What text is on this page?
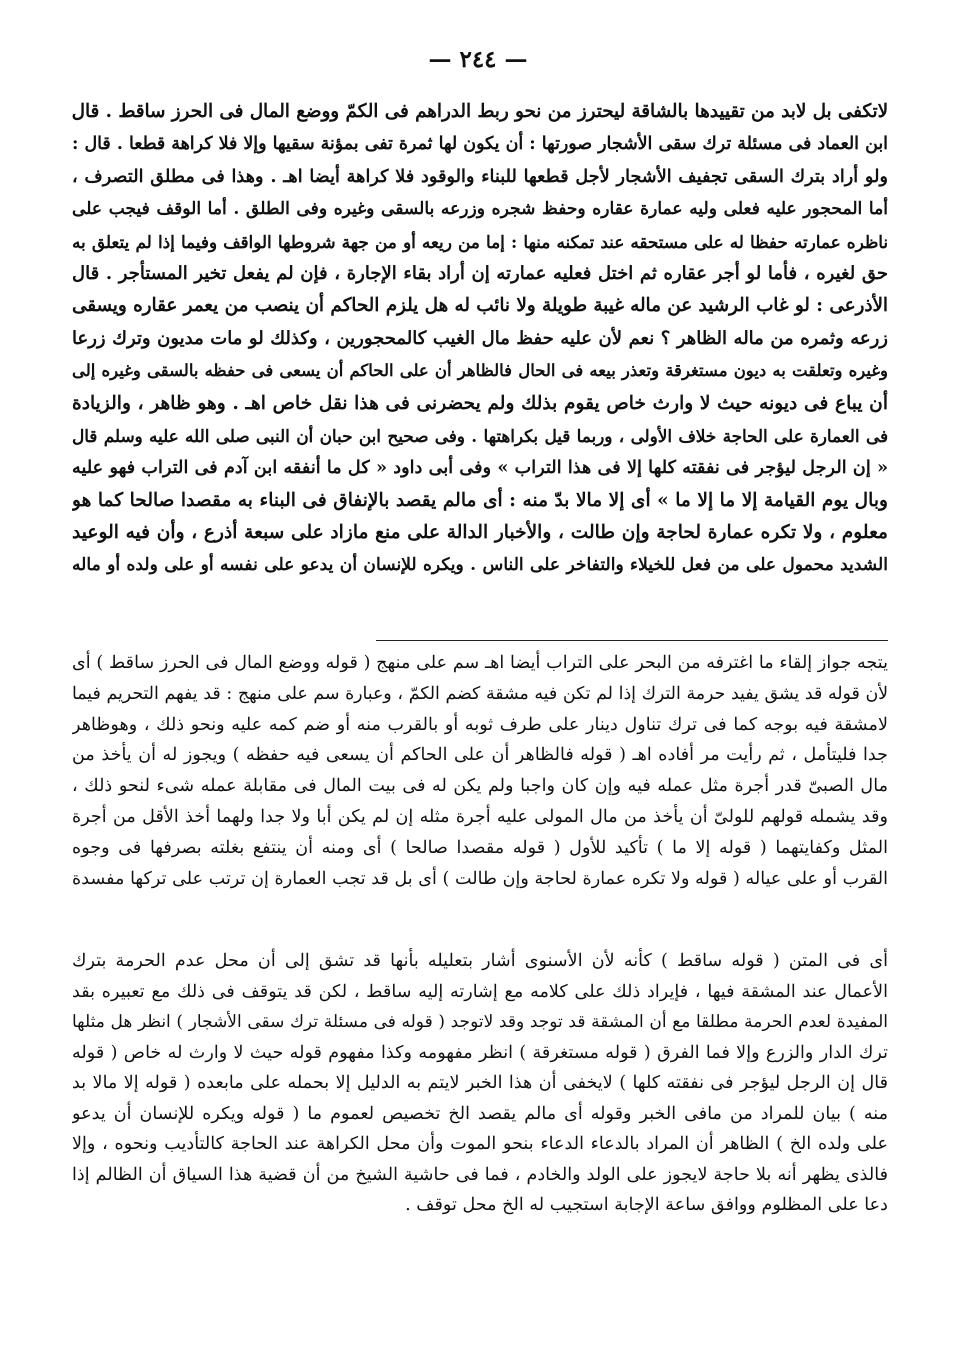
— ٢٤٤ —
لاتكفى بل لابد من تقييدها بالشاقة ليحترز من نحو ربط الدراهم فى الكمّ ووضع المال فى الحرز ساقط . قال
ابن العماد فى مسئلة ترك سقى الأشجار صورتها : أن يكون لها ثمرة تفى بمؤنة سقيها وإلا فلا كراهة قطعا . قال :
ولو أراد بترك السقى تجفيف الأشجار لأجل قطعها للبناء والوقود فلا كراهة أيضا اهـ . وهذا فى مطلق التصرف ،
أما المحجور عليه فعلى وليه عمارة عقاره وحفظ شجره وزرعه بالسقى وغيره وفى الطلق . أما الوقف فيجب على
ناظره عمارته حفظا له على مستحقه عند تمكنه منها : إما من ريعه أو من جهة شروطها الواقف وفيما إذا لم يتعلق به
حق لغيره ، فأما لو أجر عقاره ثم اختل فعليه عمارته إن أراد بقاء الإجارة ، فإن لم يفعل تخير المستأجر . قال
الأذرعى : لو غاب الرشيد عن ماله غيبة طويلة ولا نائب له هل يلزم الحاكم أن ينصب من يعمر عقاره ويسقى
زرعه وثمره من ماله الظاهر ؟ نعم لأن عليه حفظ مال الغيب كالمحجورين ، وكذلك لو مات مديون وترك زرعا
وغيره وتعلقت به ديون مستغرقة وتعذر بيعه فى الحال فالظاهر أن على الحاكم أن يسعى فى حفظه بالسقى وغيره إلى
أن يباع فى ديونه حيث لا وارث خاص يقوم بذلك ولم يحضرنى فى هذا نقل خاص اهـ . وهو ظاهر ، والزيادة
فى العمارة على الحاجة خلاف الأولى ، وربما قيل بكراهتها . وفى صحيح ابن حبان أن النبى صلى الله عليه وسلم قال
« إن الرجل ليؤجر فى نفقته كلها إلا فى هذا التراب » وفى أبى داود « كل ما أنفقه ابن آدم فى التراب فهو عليه
وبال يوم القيامة إلا ما إلا ما » أى إلا مالا بدّ منه : أى مالم يقصد بالإنفاق فى البناء به مقصدا صالحا كما هو
معلوم ، ولا تكره عمارة لحاجة وإن طالت ، والأخبار الدالة على منع مازاد على سبعة أذرع ، وأن فيه الوعيد
الشديد محمول على من فعل للخيلاء والتفاخر على الناس . ويكره للإنسان أن يدعو على نفسه أو على ولده أو ماله
يتجه جواز إلقاء ما اغترفه من البحر على التراب أيضا اهـ سم على منهج ( قوله ووضع المال فى الحرز ساقط ) أى
لأن قوله قد يشق يفيد حرمة الترك إذا لم تكن فيه مشقة كضم الكمّ ، وعبارة سم على منهج : قد يفهم التحريم فيما
لامشقة فيه بوجه كما فى ترك تناول دينار على طرف ثوبه أو بالقرب منه أو ضم كمه عليه ونحو ذلك ، وهوظاهر
جدا فليتأمل ، ثم رأيت مر أفاده اهـ ( قوله فالظاهر أن على الحاكم أن يسعى فيه حفظه ) ويجوز له أن يأخذ من
مال الصبىّ قدر أجرة مثل عمله فيه وإن كان واجبا ولم يكن له فى بيت المال فى مقابلة عمله شىء لنحو ذلك ،
وقد يشمله قولهم للولىّ أن يأخذ من مال المولى عليه أجرة مثله إن لم يكن أبا ولا جدا ولهما أخذ الأقل من أجرة
المثل وكفايتهما ( قوله إلا ما ) تأكيد للأول ( قوله مقصدا صالحا ) أى ومنه أن ينتفع بغلته بصرفها فى وجوه
القرب أو على عياله ( قوله ولا تكره عمارة لحاجة وإن طالت ) أى بل قد تجب العمارة إن ترتب على تركها مفسدة
أى فى المتن ( قوله ساقط ) كأنه لأن الأسنوى أشار بتعليله بأنها قد تشق إلى أن محل عدم الحرمة بترك
الأعمال عند المشقة فيها ، فإيراد ذلك على كلامه مع إشارته إليه ساقط ، لكن قد يتوقف فى ذلك مع تعبيره بقد
المفيدة لعدم الحرمة مطلقا مع أن المشقة قد توجد وقد لاتوجد ( قوله فى مسئلة ترك سقى الأشجار ) انظر هل مثلها
ترك الدار والزرع وإلا فما الفرق ( قوله مستغرقة ) انظر مفهومه وكذا مفهوم قوله حيث لا وارث له خاص ( قوله
قال إن الرجل ليؤجر فى نفقته كلها ) لايخفى أن هذا الخبر لايتم به الدليل إلا بحمله على مابعده ( قوله إلا مالا بد
منه ) بيان للمراد من مافى الخبر وقوله أى مالم يقصد الخ تخصيص لعموم ما ( قوله ويكره للإنسان أن يدعو
على ولده الخ ) الظاهر أن المراد بالدعاء الدعاء بنحو الموت وأن محل الكراهة عند الحاجة كالتأديب ونحوه ، وإلا
فالذى يظهر أنه بلا حاجة لايجوز على الولد والخادم ، فما فى حاشية الشيخ من أن قضية هذا السياق أن الظالم إذا
دعا على المظلوم ووافق ساعة الإجابة استجيب له الخ محل توقف .
